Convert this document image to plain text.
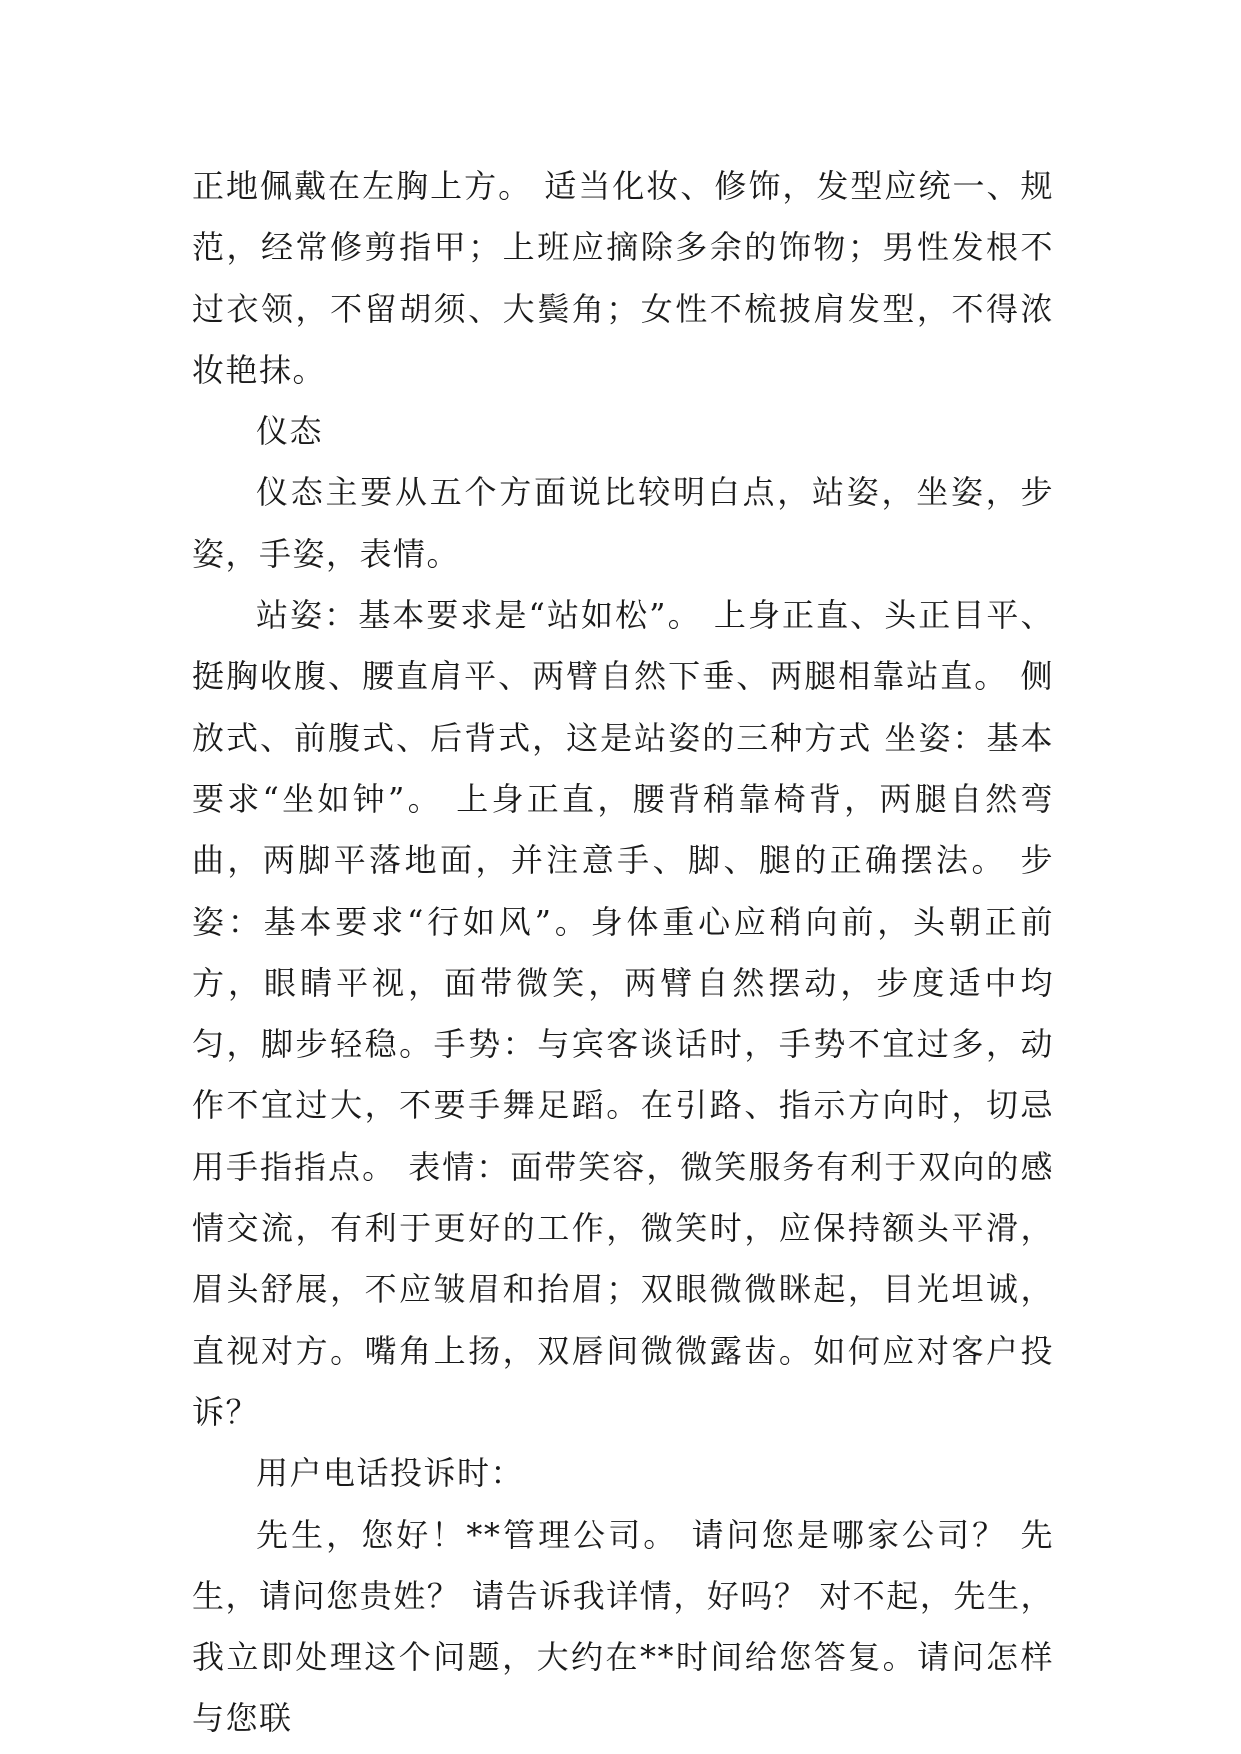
正地佩戴在左胸上方。 适当化妆、修饰，发型应统一、规范，经常修剪指甲；上班应摘除多余的饰物；男性发根不过衣领，不留胡须、大鬓角；女性不梳披肩发型，不得浓妆艳抹。

仪态

仪态主要从五个方面说比较明白点，站姿，坐姿，步姿，手姿，表情。

站姿：基本要求是“站如松”。 上身正直、头正目平、挺胸收腹、腰直肩平、两臂自然下垂、两腿相靠站直。 侧放式、前腹式、后背式，这是站姿的三种方式 坐姿：基本要求“坐如钟”。 上身正直，腰背稍靠椅背，两腿自然弯曲，两脚平落地面，并注意手、脚、腿的正确摆法。 步姿：基本要求“行如风”。身体重心应稍向前，头朝正前方，眼睛平视，面带微笑，两臂自然摆动，步度适中均匀，脚步轻稳。手势：与宾客谈话时，手势不宜过多，动作不宜过大，不要手舞足蹈。在引路、指示方向时，切忌用手指指点。 表情：面带笑容，微笑服务有利于双向的感情交流，有利于更好的工作，微笑时，应保持额头平滑，眉头舒展，不应皱眉和抬眉；双眼微微眯起，目光坦诚，直视对方。嘴角上扬，双唇间微微露齿。如何应对客户投诉？

用户电话投诉时：

先生，您好！**管理公司。 请问您是哪家公司？ 先生，请问您贵姓？ 请告诉我详情，好吗？ 对不起，先生，我立即处理这个问题，大约在**时间给您答复。请问怎样与您联
